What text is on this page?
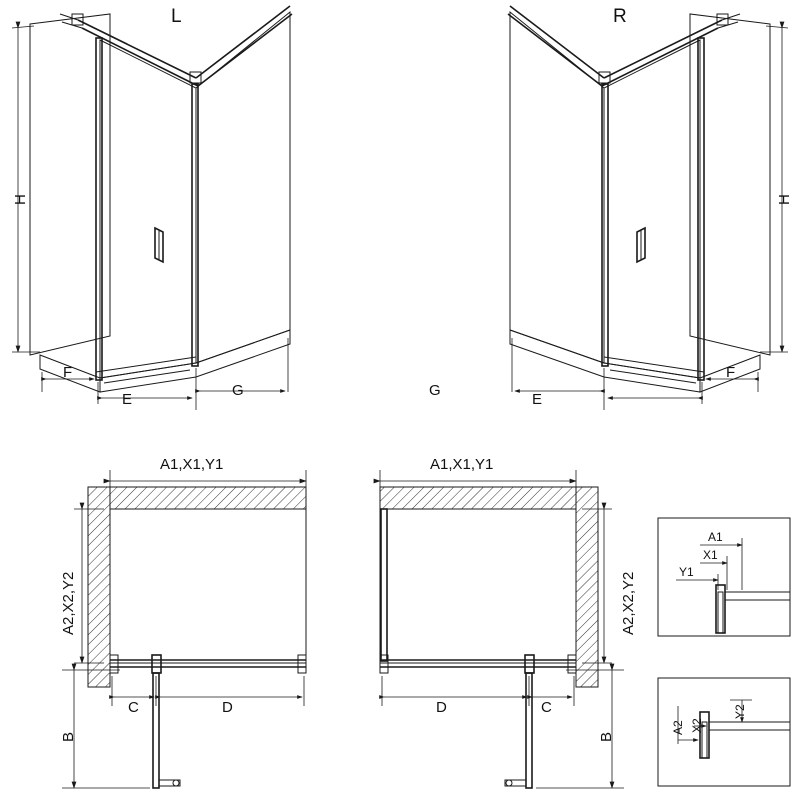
L	R
H	H
F
E
G	G
E
F
A1,X1,Y1	A1,X1,Y1
A2,X2,Y2	A2,X2,Y2
C	D	D	C
B	B
A1
X1
Y1
A2 X2
Y2
